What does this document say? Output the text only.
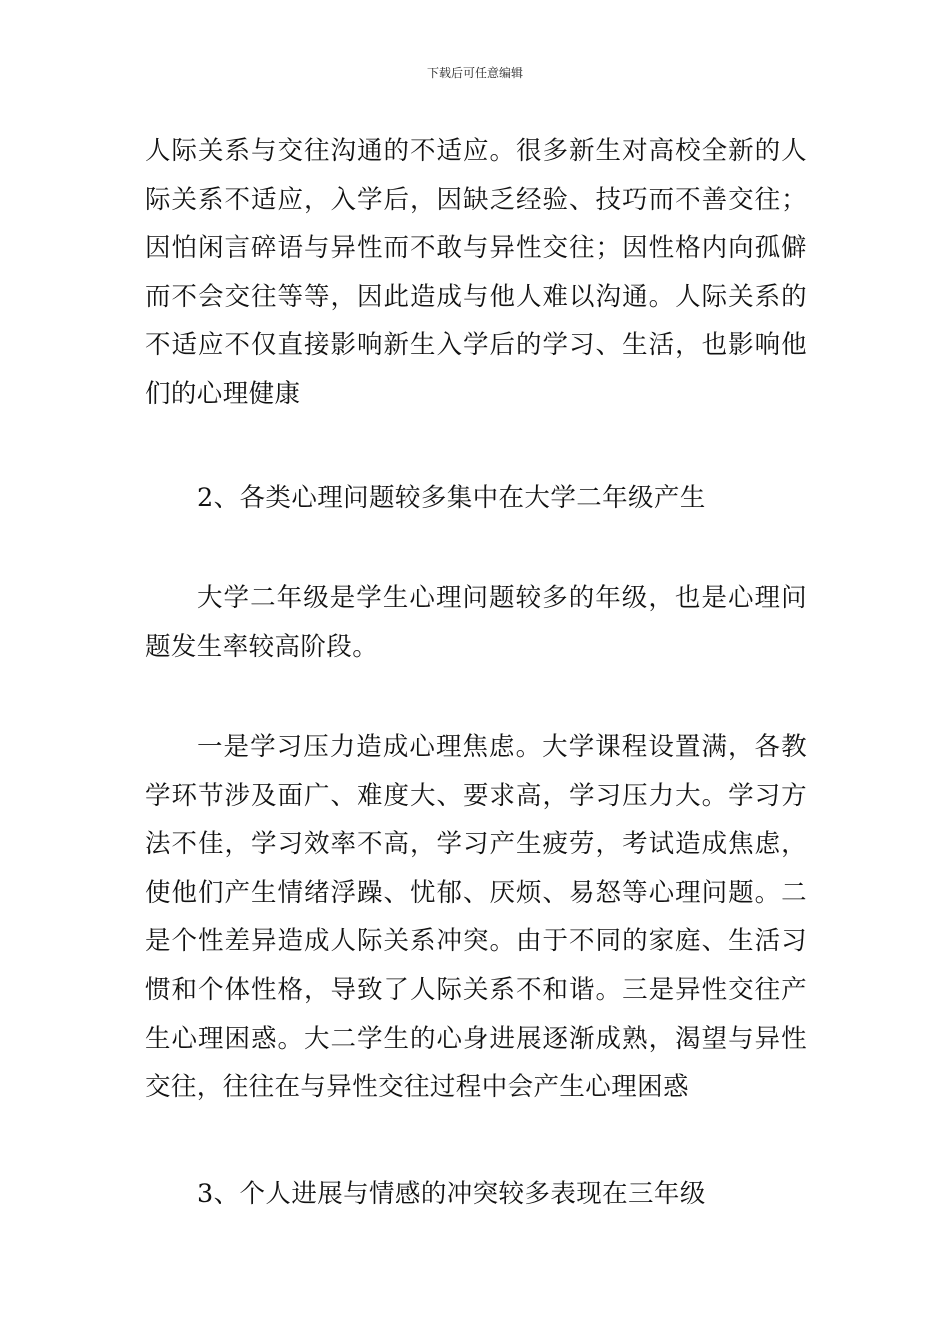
下载后可任意编辑

人际关系与交往沟通的不适应。很多新生对高校全新的人际关系不适应，入学后，因缺乏经验、技巧而不善交往；因怕闲言碎语与异性而不敢与异性交往；因性格内向孤僻而不会交往等等，因此造成与他人难以沟通。人际关系的不适应不仅直接影响新生入学后的学习、生活，也影响他们的心理健康

2、各类心理问题较多集中在大学二年级产生

大学二年级是学生心理问题较多的年级，也是心理问题发生率较高阶段。

一是学习压力造成心理焦虑。大学课程设置满，各教学环节涉及面广、难度大、要求高，学习压力大。学习方法不佳，学习效率不高，学习产生疲劳，考试造成焦虑，使他们产生情绪浮躁、忧郁、厌烦、易怒等心理问题。二是个性差异造成人际关系冲突。由于不同的家庭、生活习惯和个体性格，导致了人际关系不和谐。三是异性交往产生心理困惑。大二学生的心身进展逐渐成熟，渴望与异性交往，往往在与异性交往过程中会产生心理困惑

3、个人进展与情感的冲突较多表现在三年级
